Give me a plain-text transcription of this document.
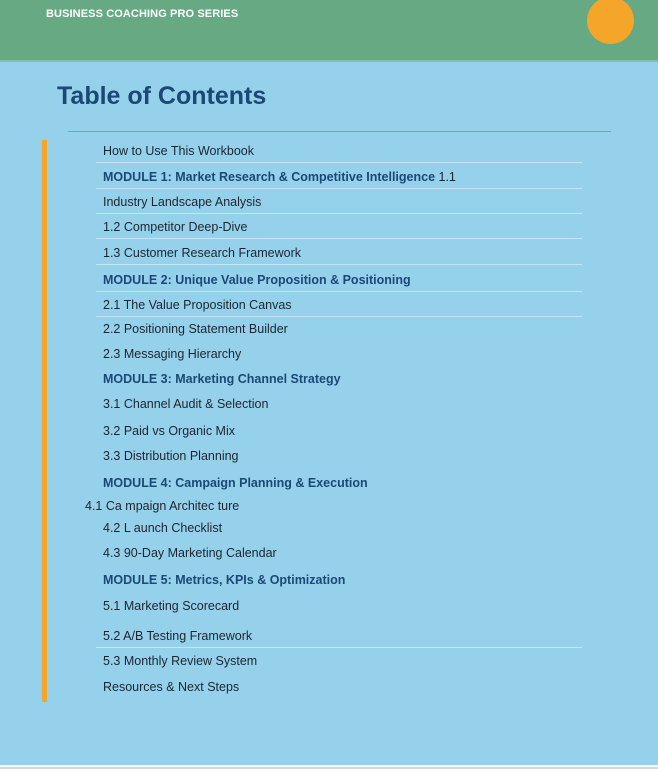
BUSINESS COACHING PRO SERIES
Table of Contents
How to Use This Workbook
MODULE 1: Market Research & Competitive Intelligence 1.1
Industry Landscape Analysis
1.2 Competitor Deep-Dive
1.3 Customer Research Framework
MODULE 2: Unique Value Proposition & Positioning
2.1 The Value Proposition Canvas
2.2 Positioning Statement Builder
2.3 Messaging Hierarchy
MODULE 3: Marketing Channel Strategy
3.1 Channel Audit & Selection
3.2 Paid vs Organic Mix
3.3 Distribution Planning
MODULE 4: Campaign Planning & Execution
4.1 Ca mpaign Architec ture
4.2 L aunch Checklist
4.3 90-Day Marketing Calendar
MODULE 5: Metrics, KPIs & Optimization
5.1 Marketing Scorecard
5.2 A/B Testing Framework
5.3 Monthly Review System
Resources & Next Steps
